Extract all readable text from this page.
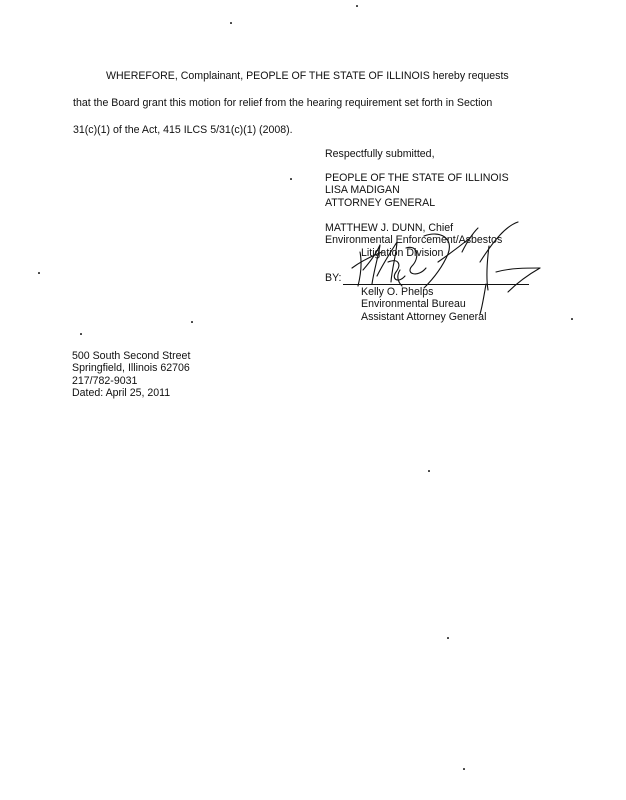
WHEREFORE, Complainant, PEOPLE OF THE STATE OF ILLINOIS hereby requests
that the Board grant this motion for relief from the hearing requirement set forth in Section
31(c)(1) of the Act, 415 ILCS 5/31(c)(1) (2008).
Respectfully submitted,
PEOPLE OF THE STATE OF ILLINOIS
LISA MADIGAN
ATTORNEY GENERAL
MATTHEW J. DUNN, Chief
Environmental Enforcement/Asbestos
Litigation Division
BY:
Kelly O. Phelps
Environmental Bureau
Assistant Attorney General
500 South Second Street
Springfield, Illinois 62706
217/782-9031
Dated: April 25, 2011
